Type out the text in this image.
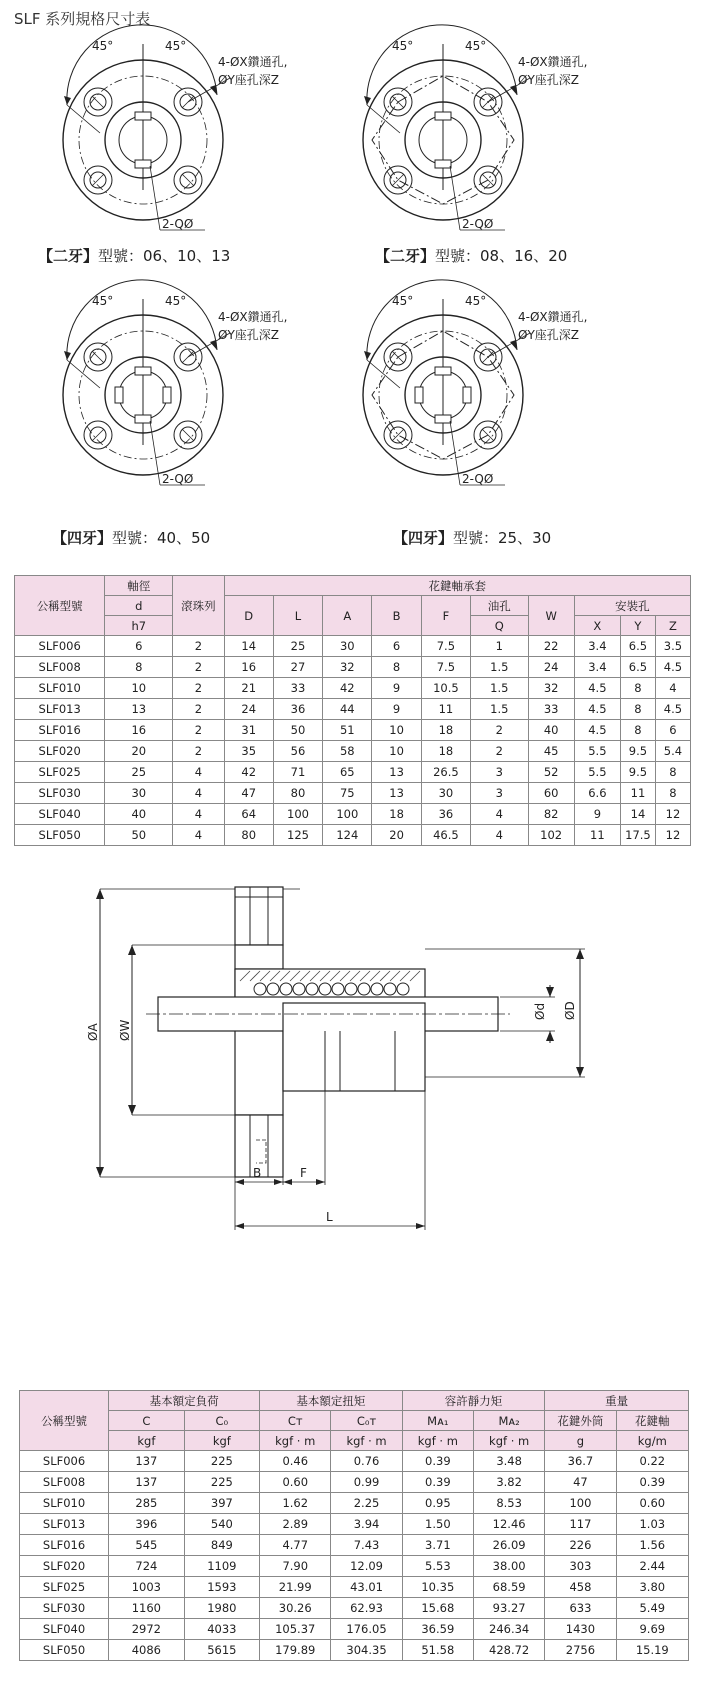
SLF 系列規格尺寸表
45°	45°
4-ØX鑽通孔,
ØY座孔深Z
2-QØ
45°	45°
4-ØX鑽通孔,
ØY座孔深Z
2-QØ
【二牙】型號：06、10、13	【二牙】型號：08、16、20
45°	45°
4-ØX鑽通孔,
ØY座孔深Z
2-QØ
45°	45°
4-ØX鑽通孔,
ØY座孔深Z
2-QØ
【四牙】型號：40、50	【四牙】型號：25、30
公稱型號	軸徑	滾珠列	花鍵軸承套									
	d		D	L	A	B	F	油孔	W	安裝孔		
	h7							Q		X	Y	Z
SLF006	6	2	14	25	30	6	7.5	1	22	3.4	6.5	3.5
SLF008	8	2	16	27	32	8	7.5	1.5	24	3.4	6.5	4.5
SLF010	10	2	21	33	42	9	10.5	1.5	32	4.5	8	4
SLF013	13	2	24	36	44	9	11	1.5	33	4.5	8	4.5
SLF016	16	2	31	50	51	10	18	2	40	4.5	8	6
SLF020	20	2	35	56	58	10	18	2	45	5.5	9.5	5.4
SLF025	25	4	42	71	65	13	26.5	3	52	5.5	9.5	8
SLF030	30	4	47	80	75	13	30	3	60	6.6	11	8
SLF040	40	4	64	100	100	18	36	4	82	9	14	12
SLF050	50	4	80	125	124	20	46.5	4	102	11	17.5	12
ØA ØW
Ød ØD
B	F
L
公稱型號	基本額定負荷		基本額定扭矩		容許靜力矩		重量	
	C	C₀	Cᴛ	C₀ᴛ	Mᴀ₁	Mᴀ₂	花鍵外筒	花鍵軸
	kgf	kgf	kgf · m	kgf · m	kgf · m	kgf · m	g	kg/m
SLF006	137	225	0.46	0.76	0.39	3.48	36.7	0.22
SLF008	137	225	0.60	0.99	0.39	3.82	47	0.39
SLF010	285	397	1.62	2.25	0.95	8.53	100	0.60
SLF013	396	540	2.89	3.94	1.50	12.46	117	1.03
SLF016	545	849	4.77	7.43	3.71	26.09	226	1.56
SLF020	724	1109	7.90	12.09	5.53	38.00	303	2.44
SLF025	1003	1593	21.99	43.01	10.35	68.59	458	3.80
SLF030	1160	1980	30.26	62.93	15.68	93.27	633	5.49
SLF040	2972	4033	105.37	176.05	36.59	246.34	1430	9.69
SLF050	4086	5615	179.89	304.35	51.58	428.72	2756	15.19
